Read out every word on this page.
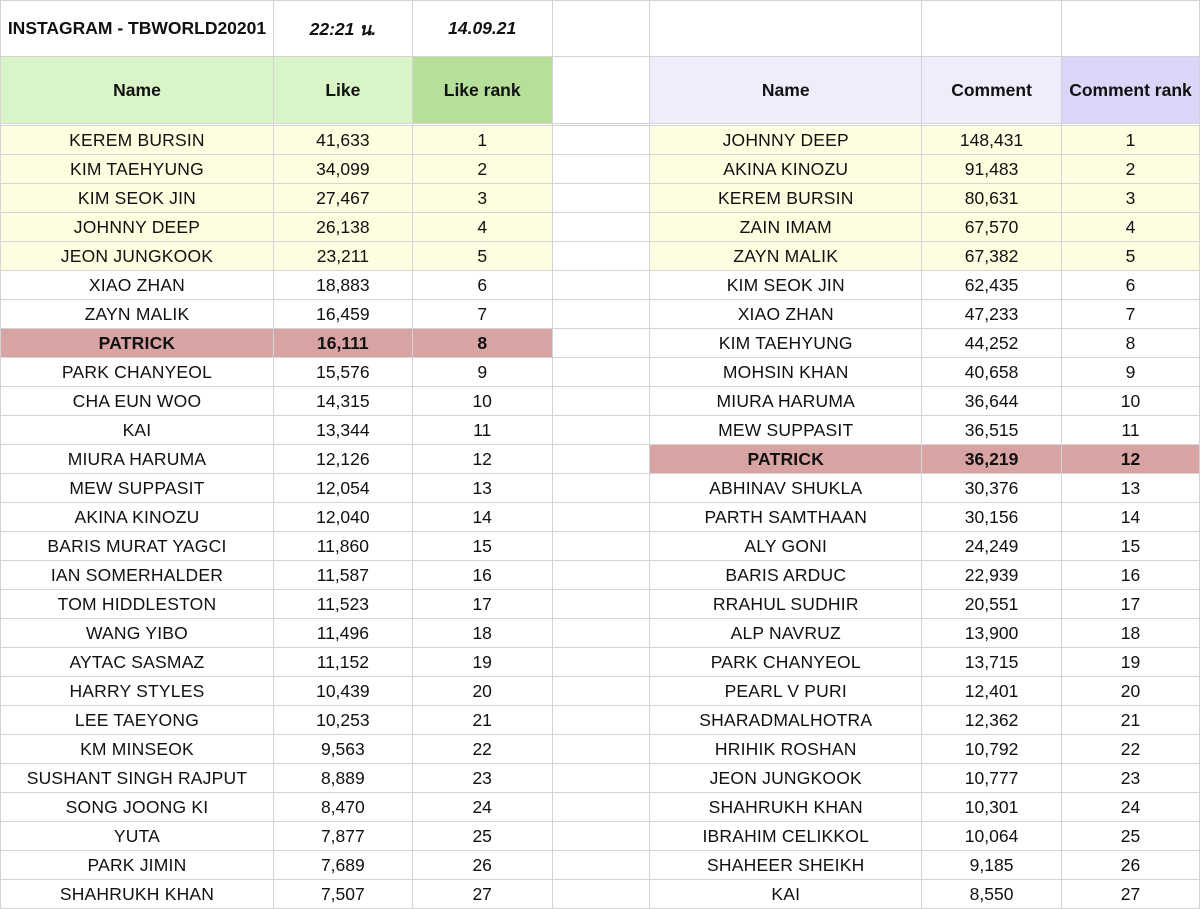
INSTAGRAM - TBWORLD20201	22:21 น.	14.09.21				
Name	Like	Like rank		Name	Comment	Comment rank

KEREM BURSIN	41,633	1		JOHNNY DEEP	148,431	1
KIM TAEHYUNG	34,099	2		AKINA KINOZU	91,483	2
KIM SEOK JIN	27,467	3		KEREM BURSIN	80,631	3
JOHNNY DEEP	26,138	4		ZAIN IMAM	67,570	4
JEON JUNGKOOK	23,211	5		ZAYN MALIK	67,382	5
XIAO ZHAN	18,883	6		KIM SEOK JIN	62,435	6
ZAYN MALIK	16,459	7		XIAO ZHAN	47,233	7
PATRICK	16,111	8		KIM TAEHYUNG	44,252	8
PARK CHANYEOL	15,576	9		MOHSIN KHAN	40,658	9
CHA EUN WOO	14,315	10		MIURA HARUMA	36,644	10
KAI	13,344	11		MEW SUPPASIT	36,515	11
MIURA HARUMA	12,126	12		PATRICK	36,219	12
MEW SUPPASIT	12,054	13		ABHINAV SHUKLA	30,376	13
AKINA KINOZU	12,040	14		PARTH SAMTHAAN	30,156	14
BARIS MURAT YAGCI	11,860	15		ALY GONI	24,249	15
IAN SOMERHALDER	11,587	16		BARIS ARDUC	22,939	16
TOM HIDDLESTON	11,523	17		RRAHUL SUDHIR	20,551	17
WANG YIBO	11,496	18		ALP NAVRUZ	13,900	18
AYTAC SASMAZ	11,152	19		PARK CHANYEOL	13,715	19
HARRY STYLES	10,439	20		PEARL V PURI	12,401	20
LEE TAEYONG	10,253	21		SHARADMALHOTRA	12,362	21
KM MINSEOK	9,563	22		HRIHIK ROSHAN	10,792	22
SUSHANT SINGH RAJPUT	8,889	23		JEON JUNGKOOK	10,777	23
SONG JOONG KI	8,470	24		SHAHRUKH KHAN	10,301	24
YUTA	7,877	25		IBRAHIM CELIKKOL	10,064	25
PARK JIMIN	7,689	26		SHAHEER SHEIKH	9,185	26
SHAHRUKH KHAN	7,507	27		KAI	8,550	27
